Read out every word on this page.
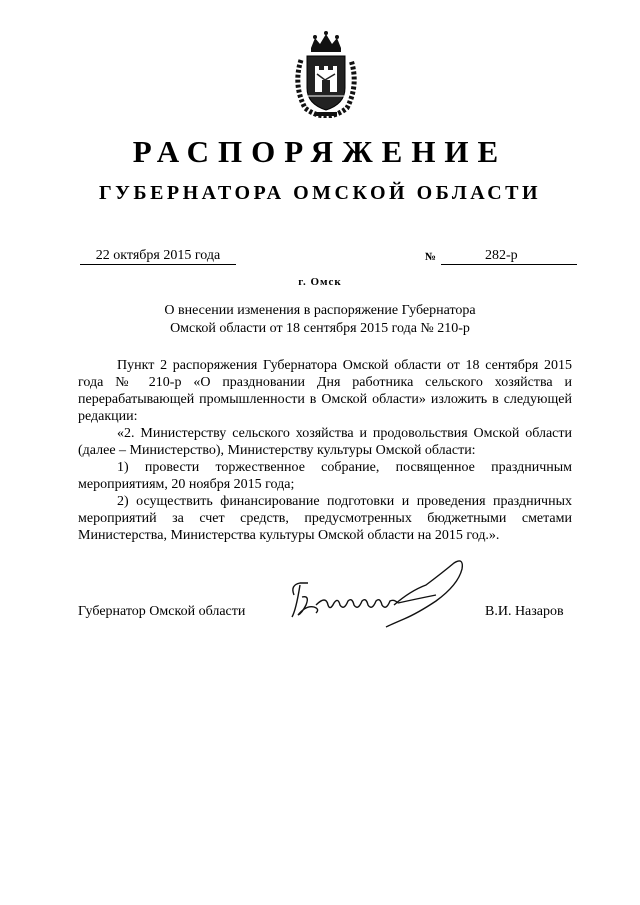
РАСПОРЯЖЕНИЕ
ГУБЕРНАТОРА ОМСКОЙ ОБЛАСТИ
22 октября 2015 года	№	282-р
г. Омск
О внесении изменения в распоряжение Губернатора
Омской области от 18 сентября 2015 года № 210-р

Пункт 2 распоряжения Губернатора Омской области от 18 сентября 2015 года № 210-р «О праздновании Дня работника сельского хозяйства и перерабатывающей промышленности в Омской области» изложить в следующей редакции:

«2. Министерству сельского хозяйства и продовольствия Омской области (далее – Министерство), Министерству культуры Омской области:

1) провести торжественное собрание, посвященное праздничным мероприятиям, 20 ноября 2015 года;

2) осуществить финансирование подготовки и проведения праздничных мероприятий за счет средств, предусмотренных бюджетными сметами Министерства, Министерства культуры Омской области на 2015 год.».

Губернатор Омской области	В.И. Назаров
